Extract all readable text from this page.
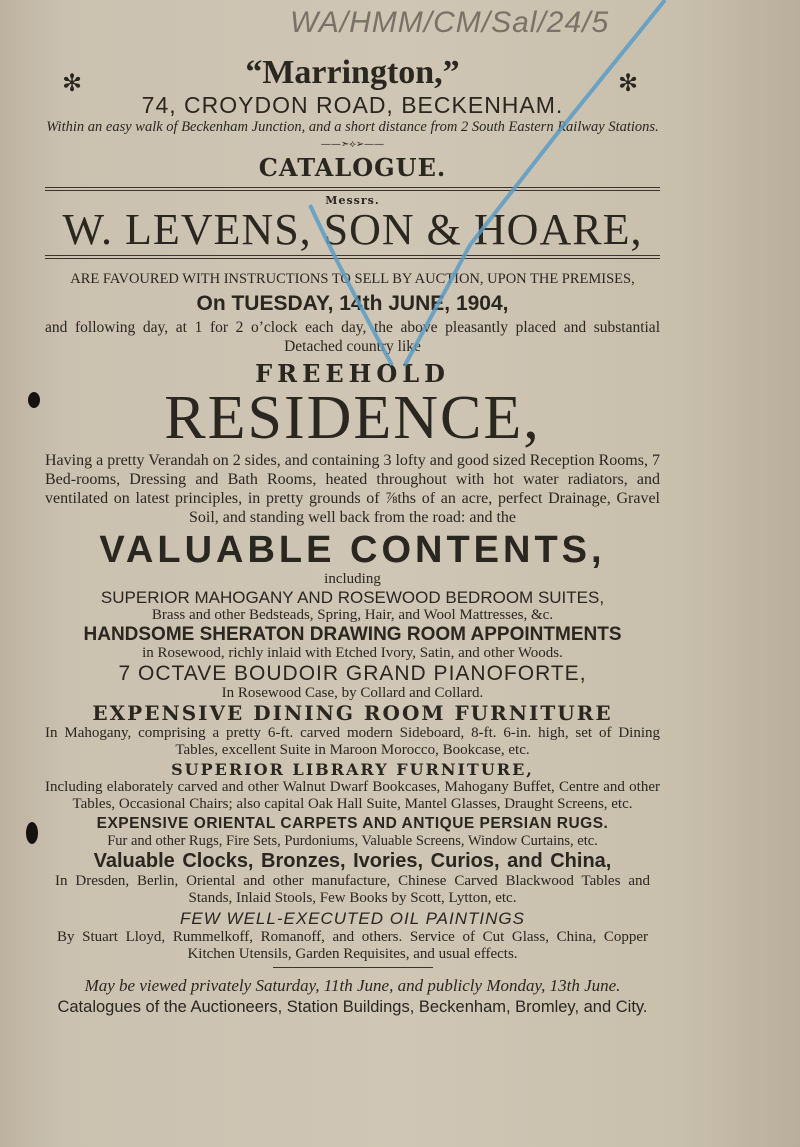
WA/HMM/CM/Sal/24/5
✻	✻
“Marrington,”
74, CROYDON ROAD, BECKENHAM.
Within an easy walk of Beckenham Junction, and a short distance from 2 South Eastern Railway Stations.
——➣⟡➢——
CATALOGUE.
Messrs.
W. LEVENS, SON & HOARE,
ARE FAVOURED WITH INSTRUCTIONS TO SELL BY AUCTION, UPON THE PREMISES,
On TUESDAY, 14th JUNE, 1904,
and following day, at 1 for 2 o’clock each day, the above pleasantly placed and substantial Detached country like
FREEHOLD
RESIDENCE,
Having a pretty Verandah on 2 sides, and containing 3 lofty and good sized Reception Rooms, 7 Bed-rooms, Dressing and Bath Rooms, heated throughout with hot water radiators, and ventilated on latest principles, in pretty grounds of ⅞ths of an acre, perfect Drainage, Gravel Soil, and standing well back from the road: and the
VALUABLE CONTENTS,
including
SUPERIOR MAHOGANY AND ROSEWOOD BEDROOM SUITES,
Brass and other Bedsteads, Spring, Hair, and Wool Mattresses, &c.
HANDSOME SHERATON DRAWING ROOM APPOINTMENTS
in Rosewood, richly inlaid with Etched Ivory, Satin, and other Woods.
7 OCTAVE BOUDOIR GRAND PIANOFORTE,
In Rosewood Case, by Collard and Collard.
EXPENSIVE DINING ROOM FURNITURE
In Mahogany, comprising a pretty 6-ft. carved modern Sideboard, 8-ft. 6-in. high, set of Dining Tables, excellent Suite in Maroon Morocco, Bookcase, etc.
SUPERIOR LIBRARY FURNITURE,
Including elaborately carved and other Walnut Dwarf Bookcases, Mahogany Buffet, Centre and other Tables, Occasional Chairs; also capital Oak Hall Suite, Mantel Glasses, Draught Screens, etc.
EXPENSIVE ORIENTAL CARPETS AND ANTIQUE PERSIAN RUGS.
Fur and other Rugs, Fire Sets, Purdoniums, Valuable Screens, Window Curtains, etc.
Valuable Clocks, Bronzes, Ivories, Curios, and China,
In Dresden, Berlin, Oriental and other manufacture, Chinese Carved Blackwood Tables and Stands, Inlaid Stools, Few Books by Scott, Lytton, etc.
FEW WELL-EXECUTED OIL PAINTINGS
By Stuart Lloyd, Rummelkoff, Romanoff, and others. Service of Cut Glass, China, Copper Kitchen Utensils, Garden Requisites, and usual effects.
May be viewed privately Saturday, 11th June, and publicly Monday, 13th June.
Catalogues of the Auctioneers, Station Buildings, Beckenham, Bromley, and City.
